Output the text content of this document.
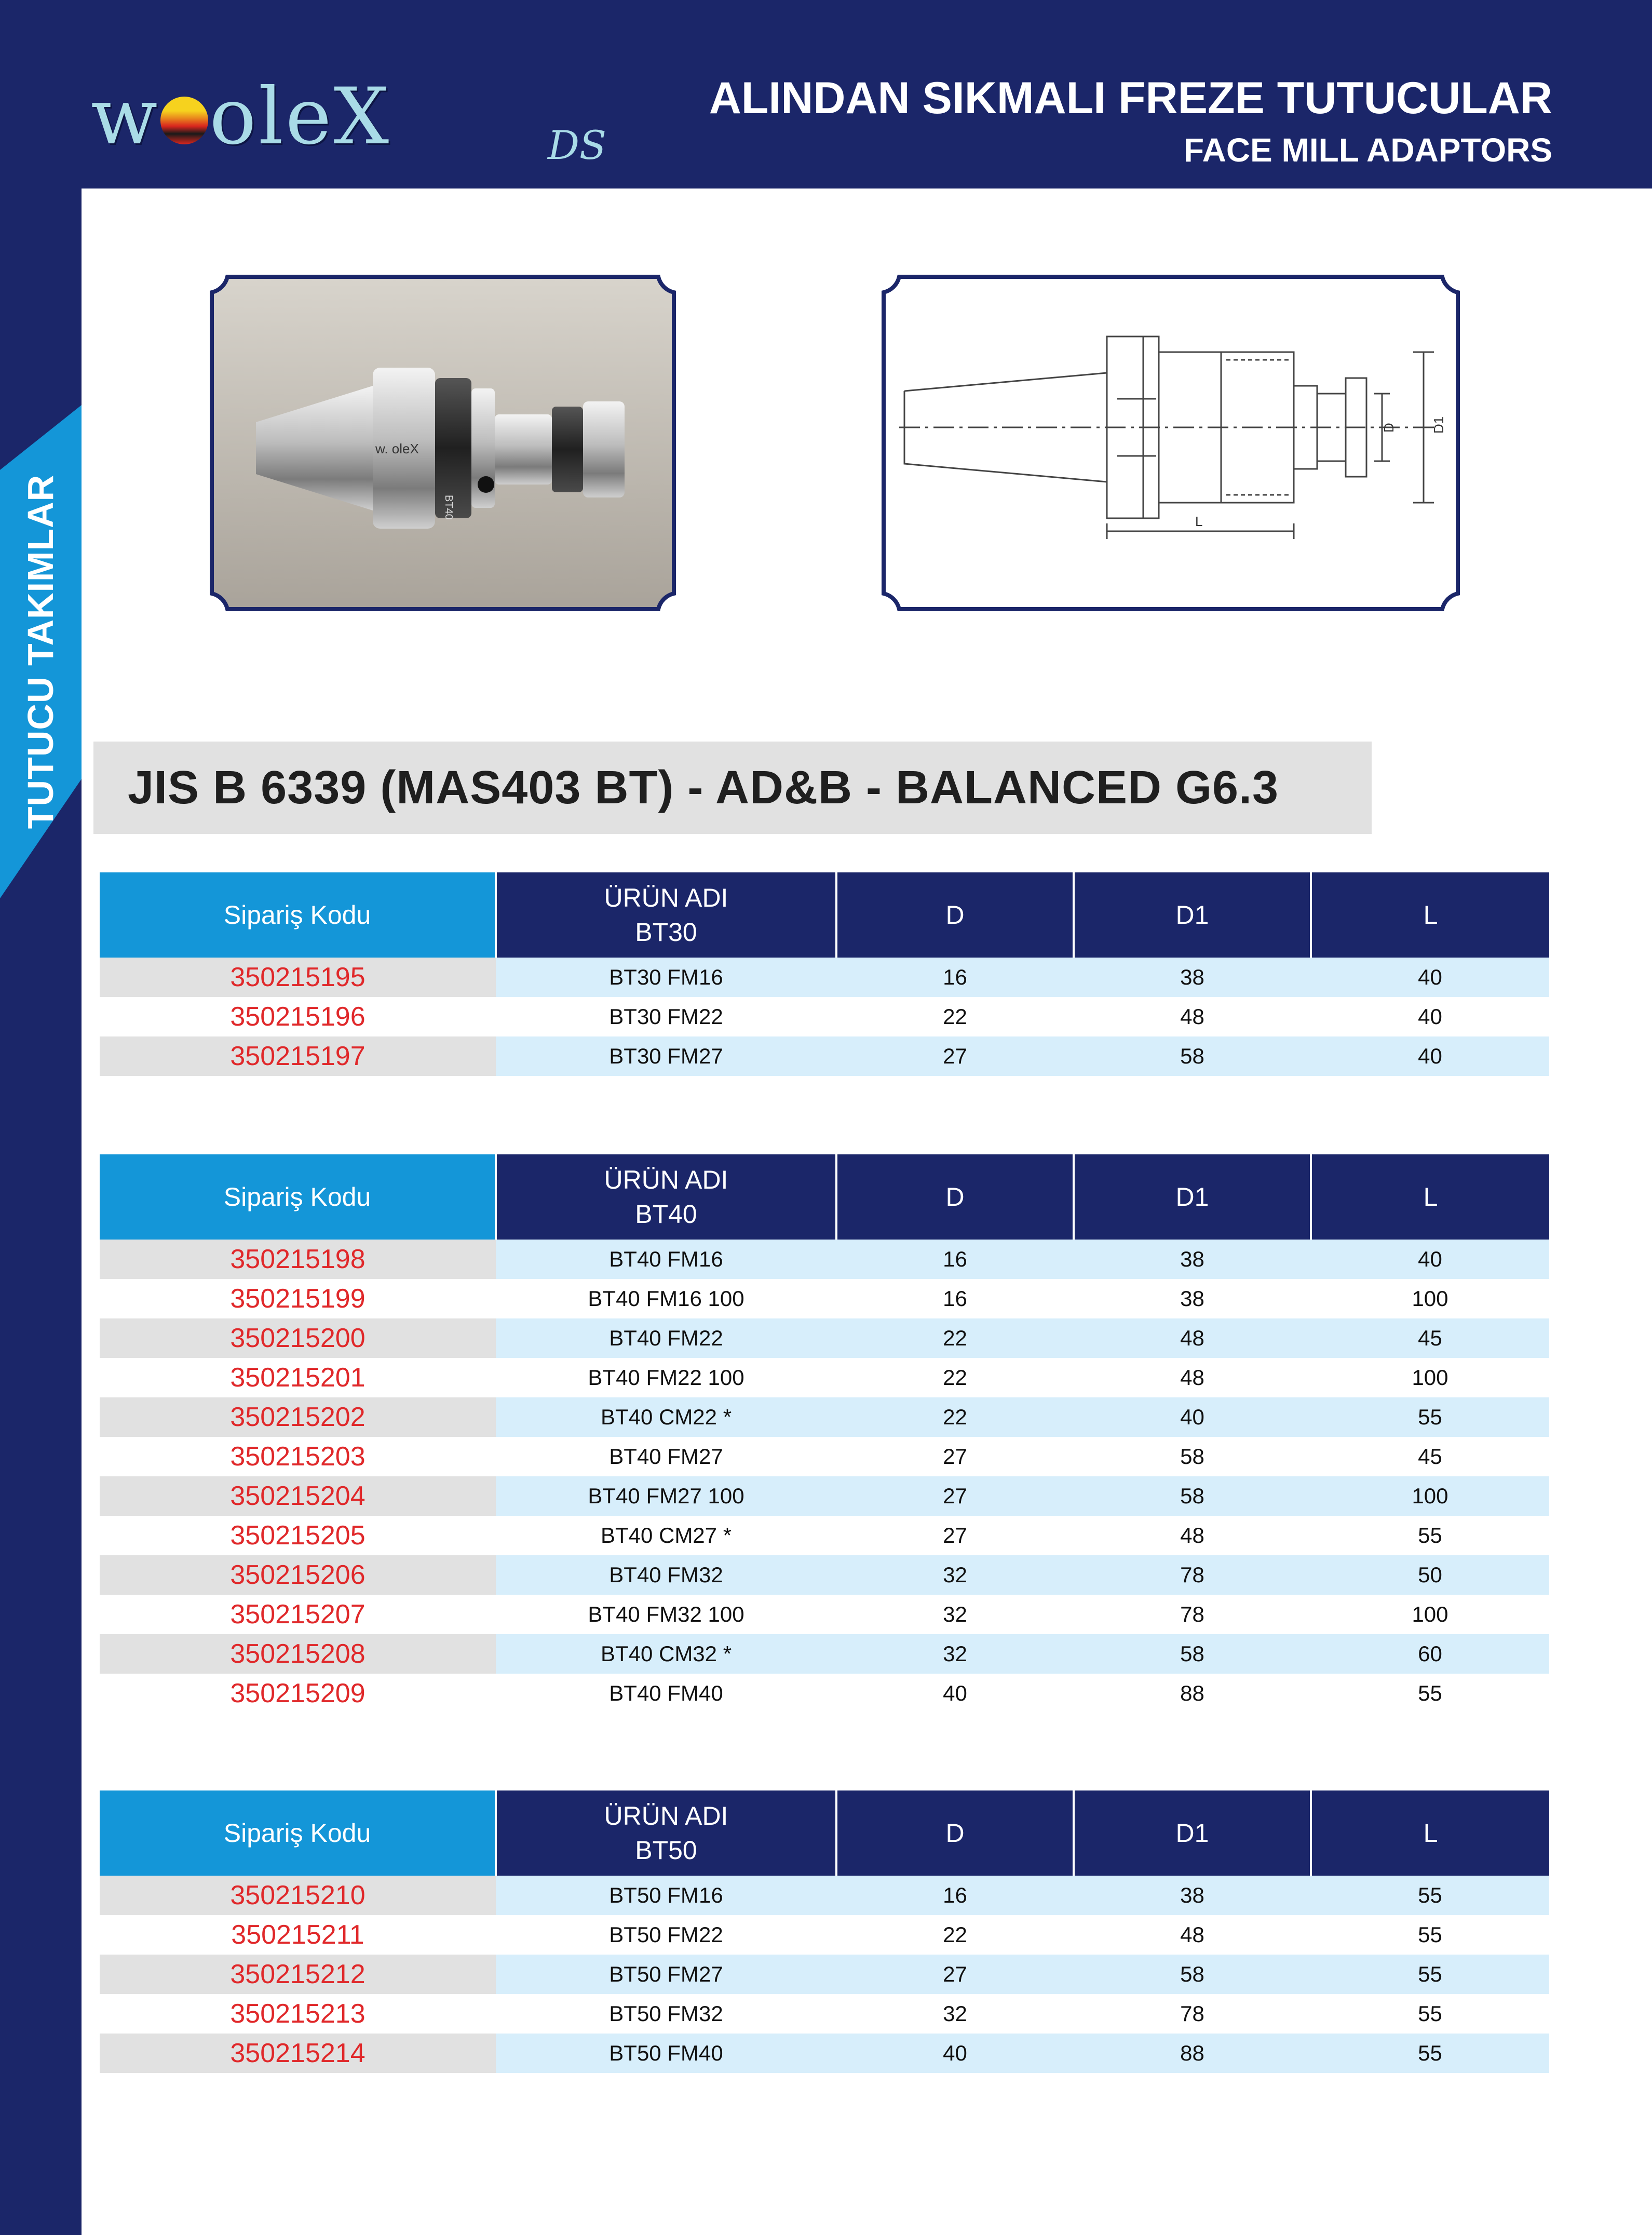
w oleX	DS
ALINDAN SIKMALI FREZE TUTUCULAR
FACE MILL ADAPTORS
TUTUCU TAKIMLAR
w. oleX
BT40
D	D1
L
JIS B 6339 (MAS403 BT) - AD&B - BALANCED G6.3
Sipariş Kodu	ÜRÜN ADI
BT30	D	D1	L
350215195	BT30 FM16	16	38	40
350215196	BT30 FM22	22	48	40
350215197	BT30 FM27	27	58	40
Sipariş Kodu	ÜRÜN ADI
BT40	D	D1	L
350215198	BT40 FM16	16	38	40
350215199	BT40 FM16 100	16	38	100
350215200	BT40 FM22	22	48	45
350215201	BT40 FM22 100	22	48	100
350215202	BT40 CM22 *	22	40	55
350215203	BT40 FM27	27	58	45
350215204	BT40 FM27 100	27	58	100
350215205	BT40 CM27 *	27	48	55
350215206	BT40 FM32	32	78	50
350215207	BT40 FM32 100	32	78	100
350215208	BT40 CM32 *	32	58	60
350215209	BT40 FM40	40	88	55
Sipariş Kodu	ÜRÜN ADI
BT50	D	D1	L
350215210	BT50 FM16	16	38	55
350215211	BT50 FM22	22	48	55
350215212	BT50 FM27	27	58	55
350215213	BT50 FM32	32	78	55
350215214	BT50 FM40	40	88	55
